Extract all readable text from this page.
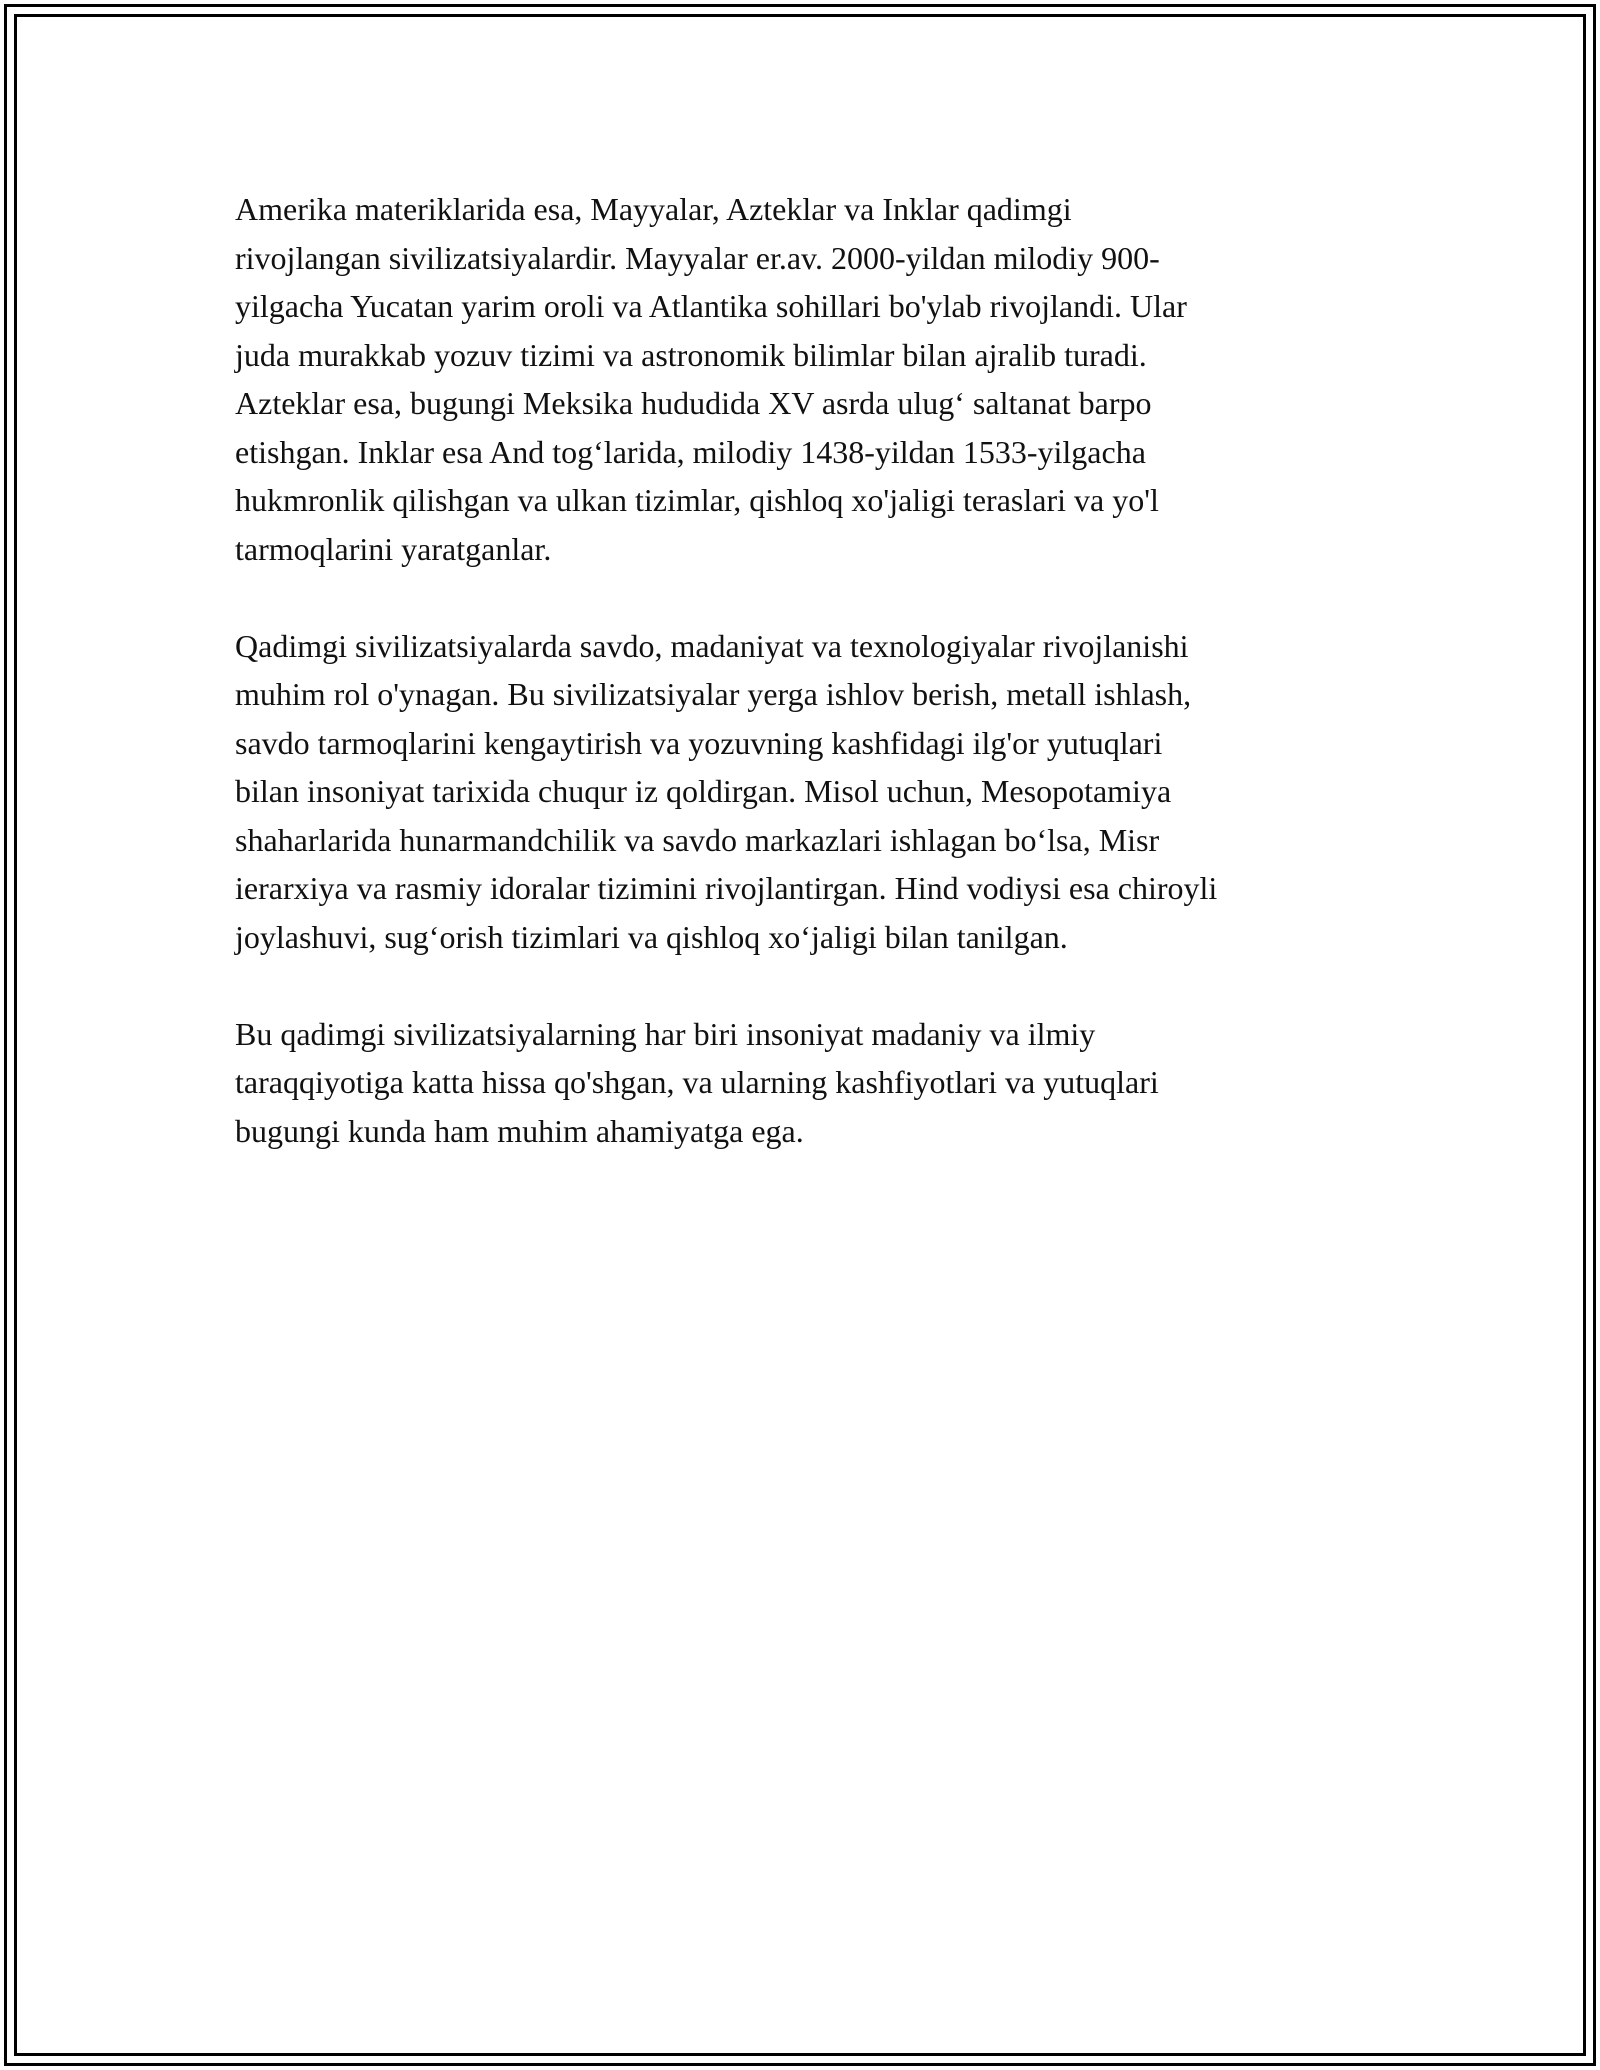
Amerika materiklarida esa, Mayyalar, Azteklar va Inklar qadimgi
rivojlangan sivilizatsiyalardir. Mayyalar er.av. 2000-yildan milodiy 900-
yilgacha Yucatan yarim oroli va Atlantika sohillari bo'ylab rivojlandi. Ular
juda murakkab yozuv tizimi va astronomik bilimlar bilan ajralib turadi.
Azteklar esa, bugungi Meksika hududida XV asrda ulug‘ saltanat barpo
etishgan. Inklar esa And tog‘larida, milodiy 1438-yildan 1533-yilgacha
hukmronlik qilishgan va ulkan tizimlar, qishloq xo'jaligi teraslari va yo'l
tarmoqlarini yaratganlar.

Qadimgi sivilizatsiyalarda savdo, madaniyat va texnologiyalar rivojlanishi
muhim rol o'ynagan. Bu sivilizatsiyalar yerga ishlov berish, metall ishlash,
savdo tarmoqlarini kengaytirish va yozuvning kashfidagi ilg'or yutuqlari
bilan insoniyat tarixida chuqur iz qoldirgan. Misol uchun, Mesopotamiya
shaharlarida hunarmandchilik va savdo markazlari ishlagan bo‘lsa, Misr
ierarxiya va rasmiy idoralar tizimini rivojlantirgan. Hind vodiysi esa chiroyli
joylashuvi, sug‘orish tizimlari va qishloq xo‘jaligi bilan tanilgan.

Bu qadimgi sivilizatsiyalarning har biri insoniyat madaniy va ilmiy
taraqqiyotiga katta hissa qo'shgan, va ularning kashfiyotlari va yutuqlari
bugungi kunda ham muhim ahamiyatga ega.
